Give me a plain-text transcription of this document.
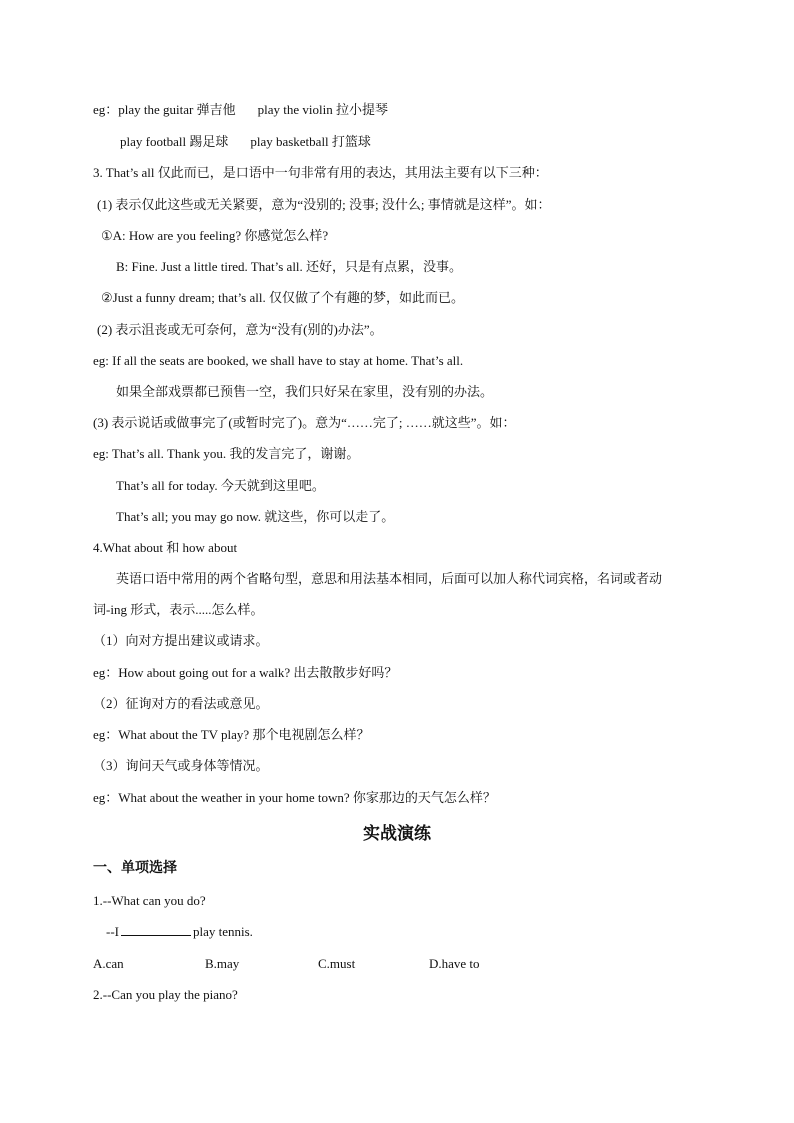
eg：play the guitar 弹吉他 play the violin 拉小提琴
play football 踢足球 play basketball 打篮球
3. That’s all 仅此而已，是口语中一句非常有用的表达，其用法主要有以下三种：
(1) 表示仅此这些或无关紧要，意为“没别的; 没事; 没什么; 事情就是这样”。如：
①A: How are you feeling? 你感觉怎么样?
B: Fine. Just a little tired. That’s all. 还好，只是有点累，没事。
②Just a funny dream; that’s all. 仅仅做了个有趣的梦，如此而已。
(2) 表示沮丧或无可奈何，意为“没有(别的)办法”。
eg: If all the seats are booked, we shall have to stay at home. That’s all.
如果全部戏票都已预售一空，我们只好呆在家里，没有别的办法。
(3) 表示说话或做事完了(或暂时完了)。意为“……完了; ……就这些”。如：
eg: That’s all. Thank you. 我的发言完了，谢谢。
That’s all for today. 今天就到这里吧。
That’s all; you may go now. 就这些，你可以走了。
4.What about 和 how about
英语口语中常用的两个省略句型，意思和用法基本相同，后面可以加人称代词宾格，名词或者动
词-ing 形式，表示.....怎么样。
（1）向对方提出建议或请求。
eg：How about going out for a walk? 出去散散步好吗？
（2）征询对方的看法或意见。
eg：What about the TV play? 那个电视剧怎么样？
（3）询问天气或身体等情况。
eg：What about the weather in your home town? 你家那边的天气怎么样？
实战演练
一、单项选择
1.--What can you do?
--I	play tennis.
A.can	B.may	C.must	D.have to
2.--Can you play the piano?
